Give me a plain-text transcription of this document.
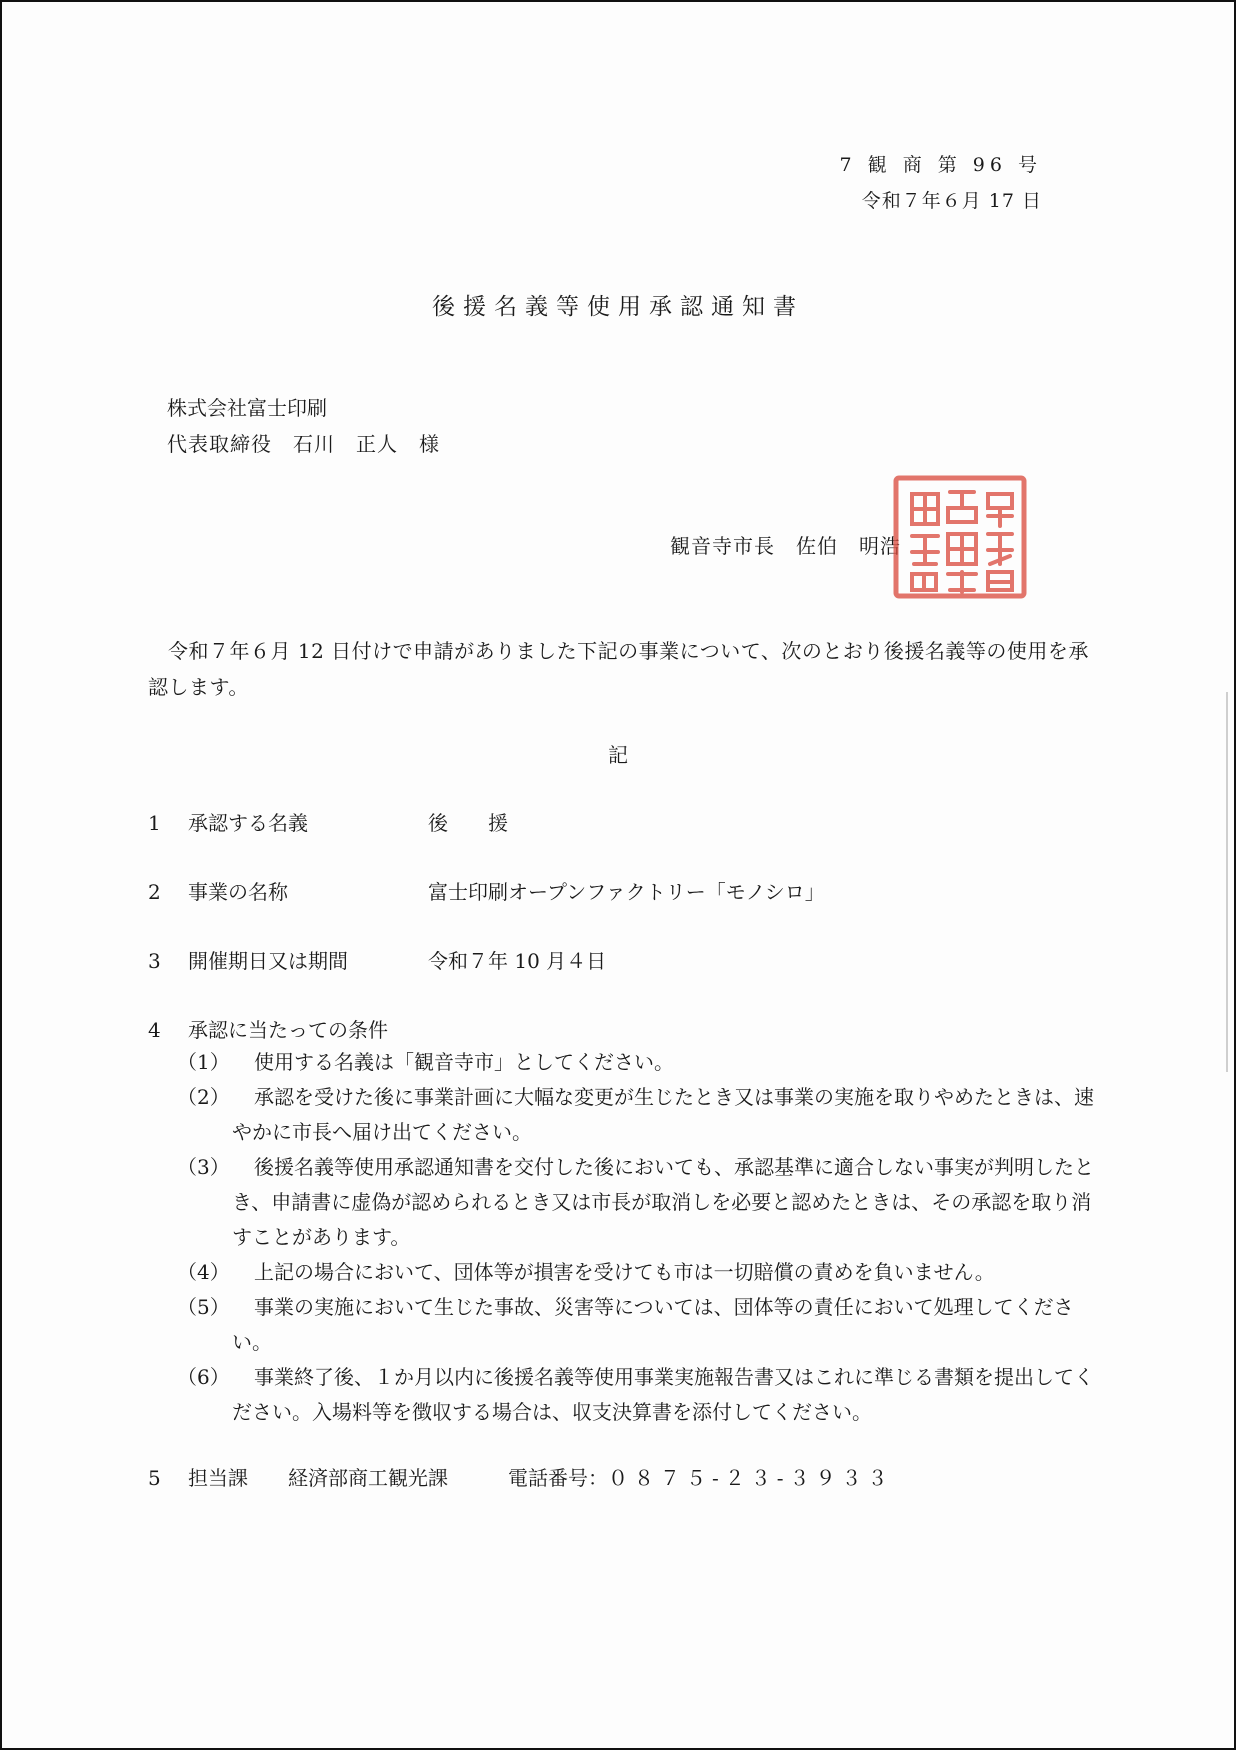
7 観 商 第 96 号
令和７年６月 17 日
後援名義等使用承認通知書
株式会社富士印刷
代表取締役　石川　正人　様
観音寺市長　佐伯　明浩
令和７年６月 12 日付けで申請がありました下記の事業について、次のとおり後援名義等の使用を承認します。
記
1 承認する名義	後　　援
2 事業の名称	富士印刷オープンファクトリー「モノシロ」
3 開催期日又は期間	令和７年 10 月４日
4 承認に当たっての条件
（1）	使用する名義は「観音寺市」としてください。
（2）	承認を受けた後に事業計画に大幅な変更が生じたとき又は事業の実施を取りやめたときは、速やかに市長へ届け出てください。
（3）	後援名義等使用承認通知書を交付した後においても、承認基準に適合しない事実が判明したとき、申請書に虚偽が認められるとき又は市長が取消しを必要と認めたときは、その承認を取り消すことがあります。
（4）	上記の場合において、団体等が損害を受けても市は一切賠償の責めを負いません。
（5）	事業の実施において生じた事故、災害等については、団体等の責任において処理してください。
（6）	事業終了後、１か月以内に後援名義等使用事業実施報告書又はこれに準じる書類を提出してください。入場料等を徴収する場合は、収支決算書を添付してください。
5 担当課 経済部商工観光課	電話番号：０８７５-２３-３９３３
